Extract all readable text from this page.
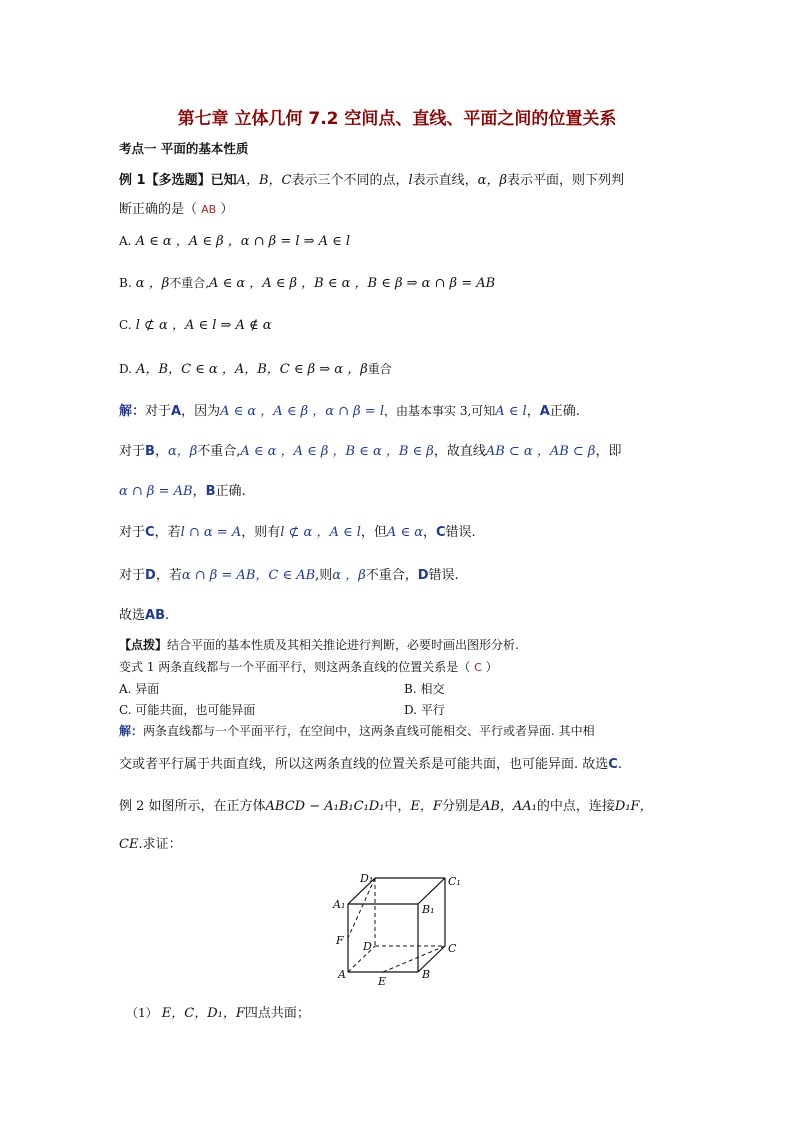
第七章 立体几何 7.2 空间点、直线、平面之间的位置关系
考点一 平面的基本性质
例 1【多选题】已知A，B，C表示三个不同的点，l表示直线，α，β表示平面，则下列判
断正确的是（ AB ）
A. A ∈ α ，A ∈ β ，α ∩ β = l ⇒ A ∈ l
B. α ，β不重合,A ∈ α ，A ∈ β ，B ∈ α ，B ∈ β ⇒ α ∩ β = AB
C. l ⊄ α ，A ∈ l ⇒ A ∉ α
D. A，B，C ∈ α ，A，B，C ∈ β ⇒ α ，β重合
解：对于A，因为A ∈ α ，A ∈ β ，α ∩ β = l，由基本事实 3,可知A ∈ l，A正确.
对于B，α，β不重合,A ∈ α ，A ∈ β ，B ∈ α ，B ∈ β，故直线AB ⊂ α ，AB ⊂ β，即
α ∩ β = AB，B正确.
对于C，若l ∩ α = A，则有l ⊄ α ，A ∈ l，但A ∈ α，C错误.
对于D，若α ∩ β = AB，C ∈ AB,则α ，β不重合，D错误.
故选AB.
【点拨】结合平面的基本性质及其相关推论进行判断，必要时画出图形分析.
变式 1 两条直线都与一个平面平行，则这两条直线的位置关系是（ C ）
A. 异面	B. 相交
C. 可能共面，也可能异面	D. 平行
解：两条直线都与一个平面平行，在空间中，这两条直线可能相交、平行或者异面. 其中相
交或者平行属于共面直线，所以这两条直线的位置关系是可能共面，也可能异面. 故选C.
例 2 如图所示，在正方体ABCD − A₁B₁C₁D₁中，E，F分别是AB，AA₁的中点，连接D₁F，
CE.求证：
D₁	C₁
A₁	B₁
F D	C
A
E
B
（1） E，C，D₁，F四点共面；
